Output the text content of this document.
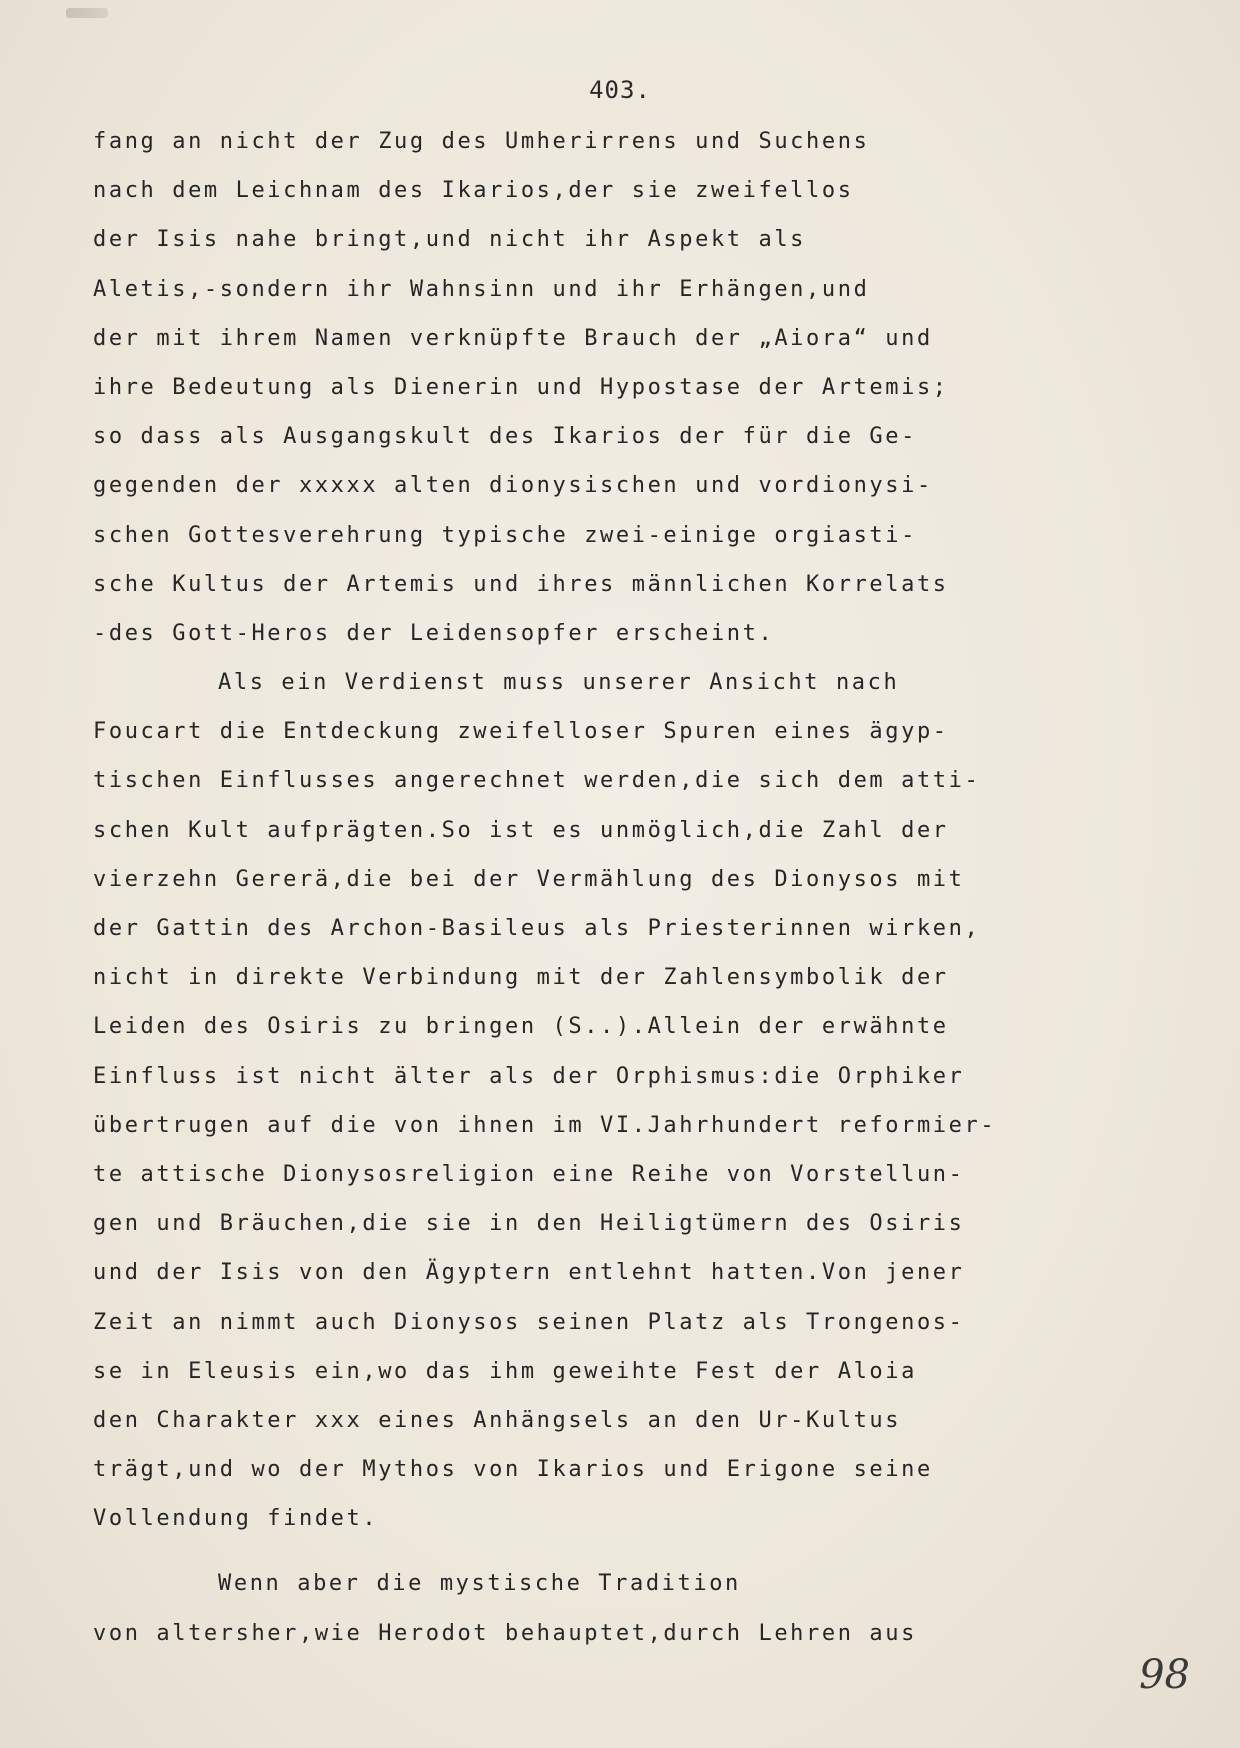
403.
fang an nicht der Zug des Umherirrens und Suchens
nach dem Leichnam des Ikarios,der sie zweifellos
der Isis nahe bringt,und nicht ihr Aspekt als
Aletis,-sondern ihr Wahnsinn und ihr Erhängen,und
der mit ihrem Namen verknüpfte Brauch der „Aiora“ und
ihre Bedeutung als Dienerin und Hypostase der Artemis;
so dass als Ausgangskult des Ikarios der für die Ge-
gegenden der xxxxx alten dionysischen und vordionysi-
schen Gottesverehrung typische zwei-einige orgiasti-
sche Kultus der Artemis und ihres männlichen Korrelats
-des Gott-Heros der Leidensopfer erscheint.
Als ein Verdienst muss unserer Ansicht nach
Foucart die Entdeckung zweifelloser Spuren eines ägyp-
tischen Einflusses angerechnet werden,die sich dem atti-
schen Kult aufprägten.So ist es unmöglich,die Zahl der
vierzehn Gererä,die bei der Vermählung des Dionysos mit
der Gattin des Archon-Basileus als Priesterinnen wirken,
nicht in direkte Verbindung mit der Zahlensymbolik der
Leiden des Osiris zu bringen (S..).Allein der erwähnte
Einfluss ist nicht älter als der Orphismus:die Orphiker
übertrugen auf die von ihnen im VI.Jahrhundert reformier-
te attische Dionysosreligion eine Reihe von Vorstellun-
gen und Bräuchen,die sie in den Heiligtümern des Osiris
und der Isis von den Ägyptern entlehnt hatten.Von jener
Zeit an nimmt auch Dionysos seinen Platz als Trongenos-
se in Eleusis ein,wo das ihm geweihte Fest der Aloia
den Charakter xxx eines Anhängsels an den Ur-Kultus
trägt,und wo der Mythos von Ikarios und Erigone seine
Vollendung findet.
Wenn aber die mystische Tradition
von altersher,wie Herodot behauptet,durch Lehren aus
98
